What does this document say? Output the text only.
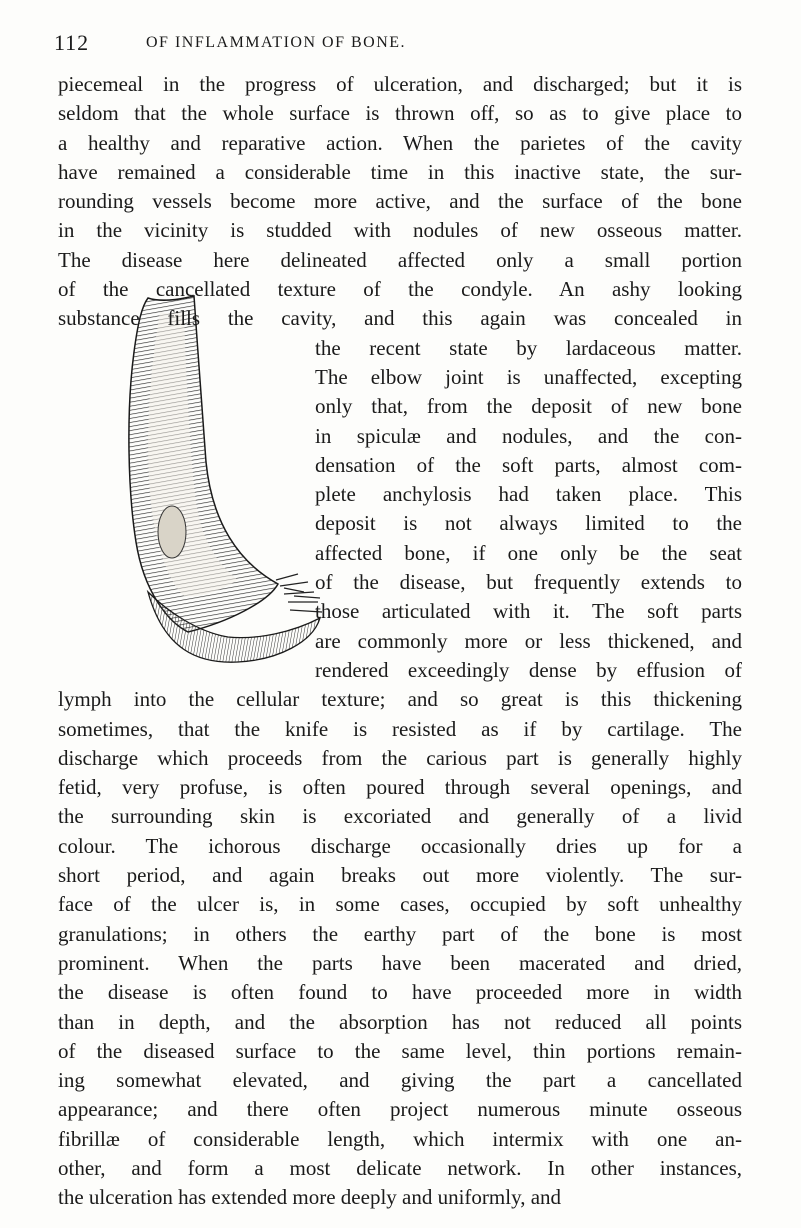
112	OF INFLAMMATION OF BONE.
piecemeal in the progress of ulceration, and discharged; but it is
seldom that the whole surface is thrown off, so as to give place to
a healthy and reparative action. When the parietes of the cavity
have remained a considerable time in this inactive state, the sur-
rounding vessels become more active, and the surface of the bone
in the vicinity is studded with nodules of new osseous matter.
The disease here delineated affected only a small portion
of the cancellated texture of the condyle. An ashy looking
substance fills the cavity, and this again was concealed in
the recent state by lardaceous matter.
The elbow joint is unaffected, excepting
only that, from the deposit of new bone
in spiculæ and nodules, and the con-
densation of the soft parts, almost com-
plete anchylosis had taken place. This
deposit is not always limited to the
affected bone, if one only be the seat
of the disease, but frequently extends to
those articulated with it. The soft parts
are commonly more or less thickened, and
rendered exceedingly dense by effusion of
lymph into the cellular texture; and so great is this thickening
sometimes, that the knife is resisted as if by cartilage. The
discharge which proceeds from the carious part is generally highly
fetid, very profuse, is often poured through several openings, and
the surrounding skin is excoriated and generally of a livid
colour. The ichorous discharge occasionally dries up for a
short period, and again breaks out more violently. The sur-
face of the ulcer is, in some cases, occupied by soft unhealthy
granulations; in others the earthy part of the bone is most
prominent. When the parts have been macerated and dried,
the disease is often found to have proceeded more in width
than in depth, and the absorption has not reduced all points
of the diseased surface to the same level, thin portions remain-
ing somewhat elevated, and giving the part a cancellated
appearance; and there often project numerous minute osseous
fibrillæ of considerable length, which intermix with one an-
other, and form a most delicate network. In other instances,
the ulceration has extended more deeply and uniformly, and
